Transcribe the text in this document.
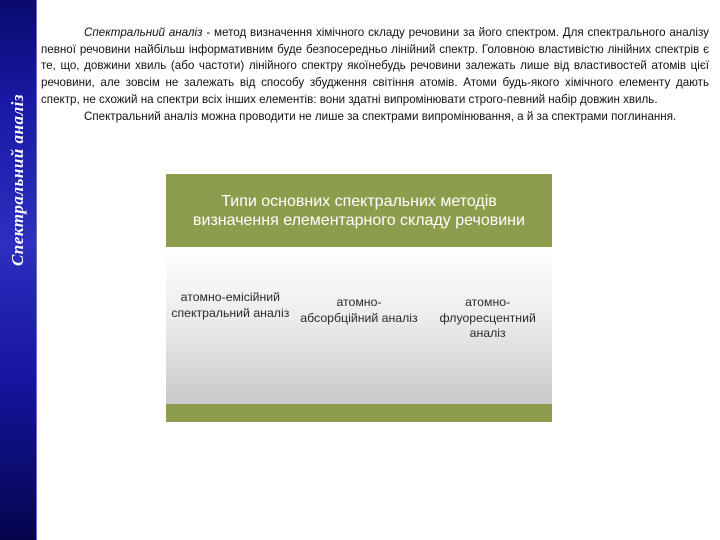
Спектральний аналіз

Спектральний аналіз - метод визначення хімічного складу речовини за його спектром. Для спектрального аналізу певної речовини найбільш інформативним буде безпосередньо лінійний спектр. Головною властивістю лінійних спектрів є те, що, довжини хвиль (або частоти) лінійного спектру якоїнебудь речовини залежать лише від властивостей атомів цієї речовини, але зовсім не залежать від способу збудження світіння атомів. Атоми будь-якого хімічного елементу дають спектр, не схожий на спектри всіх інших елементів: вони здатні випромінювати строго-певний набір довжин хвиль.

Спектральний аналіз можна проводити не лише за спектрами випромінювання, а й за спектрами поглинання.

Типи основних спектральних методів визначення елементарного складу речовини
атомно-емісійний спектральний аналіз
атомно-абсорбційний аналіз
атомно-флуоресцентний аналіз
